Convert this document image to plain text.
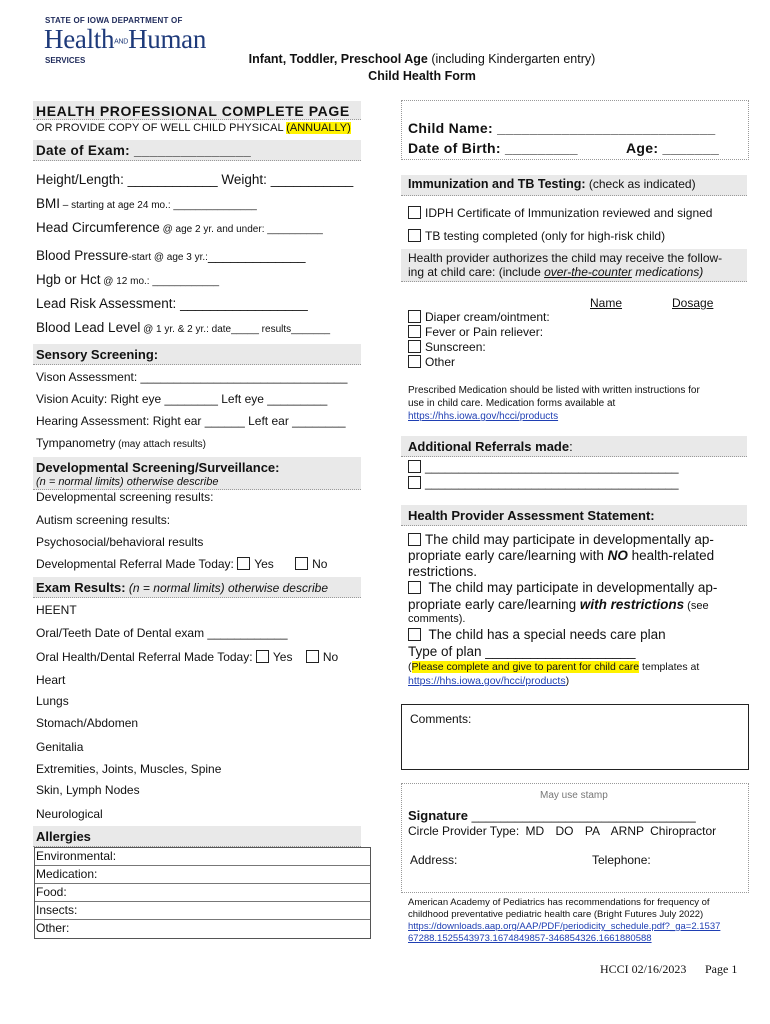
STATE OF IOWA DEPARTMENT OF
HealthANDHuman
SERVICES	Infant, Toddler, Preschool Age (including Kindergarten entry)
Child Health Form
HEALTH PROFESSIONAL COMPLETE PAGE
OR PROVIDE COPY OF WELL CHILD PHYSICAL (ANNUALLY)
Date of Exam: _______________
Height/Length: ____________ Weight: ___________
BMI – starting at age 24 mo.: _______________
Head Circumference @ age 2 yr. and under: __________
Blood Pressure-start @ age 3 yr.:_____________
Hgb or Hct @ 12 mo.: ____________
Lead Risk Assessment: _________________
Blood Lead Level @ 1 yr. & 2 yr.: date_____ results_______
Sensory Screening:
Vison Assessment: _______________________________
Vision Acuity: Right eye ________ Left eye _________
Hearing Assessment: Right ear ______ Left ear ________
Tympanometry (may attach results)
Developmental Screening/Surveillance:
(n = normal limits) otherwise describe
Developmental screening results:
Autism screening results:
Psychosocial/behavioral results
Developmental Referral Made Today: Yes	No
Exam Results: (n = normal limits) otherwise describe
HEENT
Oral/Teeth Date of Dental exam ____________
Oral Health/Dental Referral Made Today: Yes	No
Heart
Lungs
Stomach/Abdomen
Genitalia
Extremities, Joints, Muscles, Spine
Skin, Lymph Nodes
Neurological
Allergies
Environmental:
Medication:
Food:
Insects:
Other:
Child Name: ___________________________
Date of Birth: _________	Age: _______
Immunization and TB Testing: (check as indicated)
IDPH Certificate of Immunization reviewed and signed
TB testing completed (only for high-risk child)
Health provider authorizes the child may receive the follow-
ing at child care: (include over-the-counter medications)
Name	Dosage
Diaper cream/ointment:
Fever or Pain reliever:
Sunscreen:
Other
Prescribed Medication should be listed with written instructions for
use in child care. Medication forms available at
https://hhs.iowa.gov/hcci/products
Additional Referrals made:
______________________________________
______________________________________
Health Provider Assessment Statement:
The child may participate in developmentally ap-
propriate early care/learning with NO health-related
restrictions.
The child may participate in developmentally ap-
propriate early care/learning with restrictions (see
comments).
The child has a special needs care plan
Type of plan ____________________
(Please complete and give to parent for child care templates at
https://hhs.iowa.gov/hcci/products)
Comments:
May use stamp
Signature _______________________________
Circle Provider Type: MD DO PA ARNP Chiropractor
Address:	Telephone:
American Academy of Pediatrics has recommendations for frequency of
childhood preventative pediatric health care (Bright Futures July 2022)
https://downloads.aap.org/AAP/PDF/periodicity_schedule.pdf?_ga=2.1537
67288.1525543973.1674849857-346854326.1661880588
HCCI 02/16/2023 Page 1
